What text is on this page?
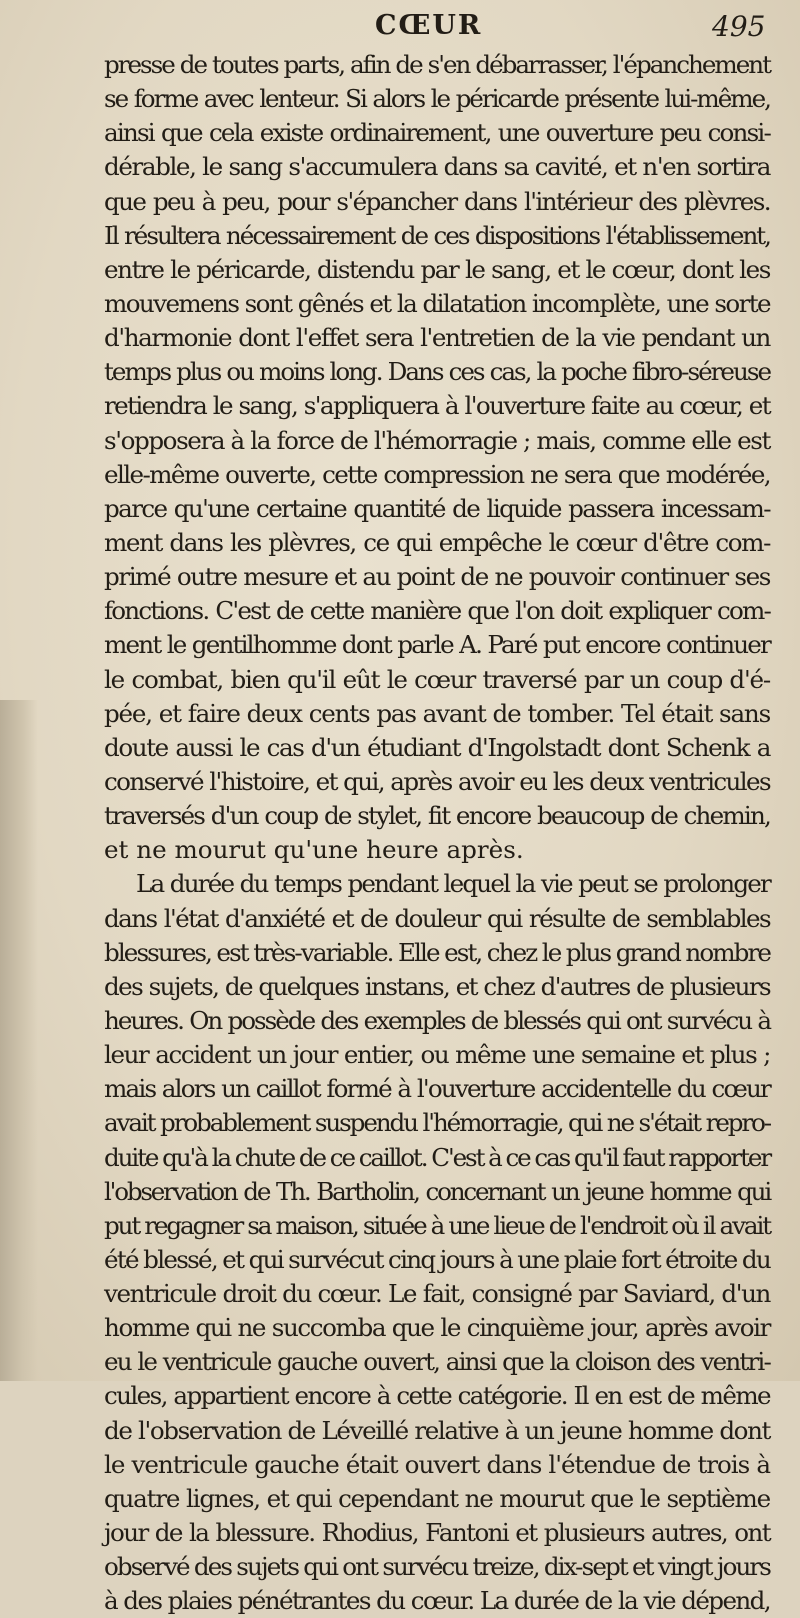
CŒUR	495
presse de toutes parts, afin de s'en débarrasser, l'épanchement
se forme avec lenteur. Si alors le péricarde présente lui-même,
ainsi que cela existe ordinairement, une ouverture peu consi-
dérable, le sang s'accumulera dans sa cavité, et n'en sortira
que peu à peu, pour s'épancher dans l'intérieur des plèvres.
Il résultera nécessairement de ces dispositions l'établissement,
entre le péricarde, distendu par le sang, et le cœur, dont les
mouvemens sont gênés et la dilatation incomplète, une sorte
d'harmonie dont l'effet sera l'entretien de la vie pendant un
temps plus ou moins long. Dans ces cas, la poche fibro-séreuse
retiendra le sang, s'appliquera à l'ouverture faite au cœur, et
s'opposera à la force de l'hémorragie ; mais, comme elle est
elle-même ouverte, cette compression ne sera que modérée,
parce qu'une certaine quantité de liquide passera incessam-
ment dans les plèvres, ce qui empêche le cœur d'être com-
primé outre mesure et au point de ne pouvoir continuer ses
fonctions. C'est de cette manière que l'on doit expliquer com-
ment le gentilhomme dont parle A. Paré put encore continuer
le combat, bien qu'il eût le cœur traversé par un coup d'é-
pée, et faire deux cents pas avant de tomber. Tel était sans
doute aussi le cas d'un étudiant d'Ingolstadt dont Schenk a
conservé l'histoire, et qui, après avoir eu les deux ventricules
traversés d'un coup de stylet, fit encore beaucoup de chemin,
et ne mourut qu'une heure après.
La durée du temps pendant lequel la vie peut se prolonger
dans l'état d'anxiété et de douleur qui résulte de semblables
blessures, est très-variable. Elle est, chez le plus grand nombre
des sujets, de quelques instans, et chez d'autres de plusieurs
heures. On possède des exemples de blessés qui ont survécu à
leur accident un jour entier, ou même une semaine et plus ;
mais alors un caillot formé à l'ouverture accidentelle du cœur
avait probablement suspendu l'hémorragie, qui ne s'était repro-
duite qu'à la chute de ce caillot. C'est à ce cas qu'il faut rapporter
l'observation de Th. Bartholin, concernant un jeune homme qui
put regagner sa maison, située à une lieue de l'endroit où il avait
été blessé, et qui survécut cinq jours à une plaie fort étroite du
ventricule droit du cœur. Le fait, consigné par Saviard, d'un
homme qui ne succomba que le cinquième jour, après avoir
eu le ventricule gauche ouvert, ainsi que la cloison des ventri-
cules, appartient encore à cette catégorie. Il en est de même
de l'observation de Léveillé relative à un jeune homme dont
le ventricule gauche était ouvert dans l'étendue de trois à
quatre lignes, et qui cependant ne mourut que le septième
jour de la blessure. Rhodius, Fantoni et plusieurs autres, ont
observé des sujets qui ont survécu treize, dix-sept et vingt jours
à des plaies pénétrantes du cœur. La durée de la vie dépend,
